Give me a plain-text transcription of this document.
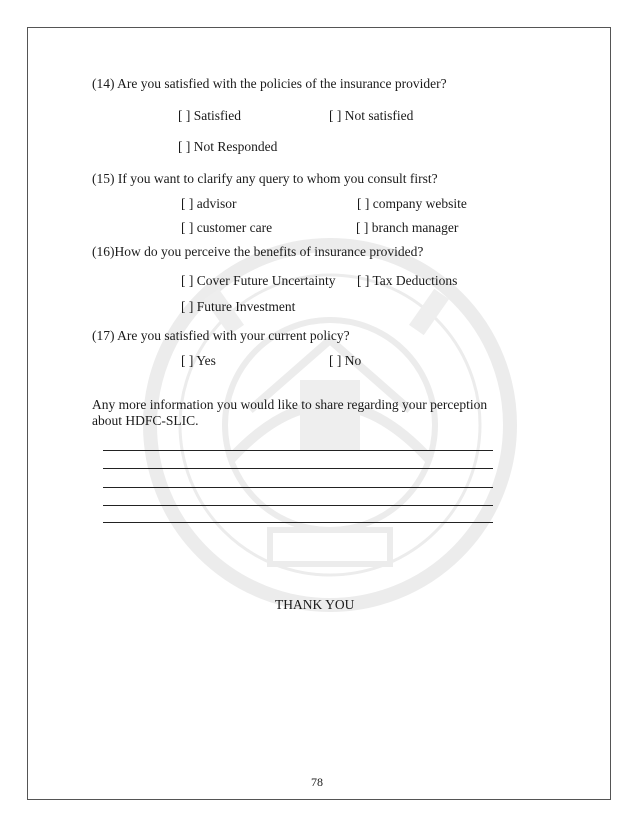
(14) Are you satisfied with the policies of the insurance provider?
[ ] Satisfied	[ ] Not satisfied
[ ] Not Responded
(15) If you want to clarify any query to whom you consult first?
[ ] advisor	[ ] company website
[ ] customer care	[ ] branch manager
(16)How do you perceive the benefits of insurance provided?
[ ] Cover Future Uncertainty [ ] Tax Deductions
[ ] Future Investment
(17) Are you satisfied with your current policy?
[ ] Yes	[ ] No
Any more information you would like to share regarding your perception
about HDFC-SLIC.
THANK YOU
78
